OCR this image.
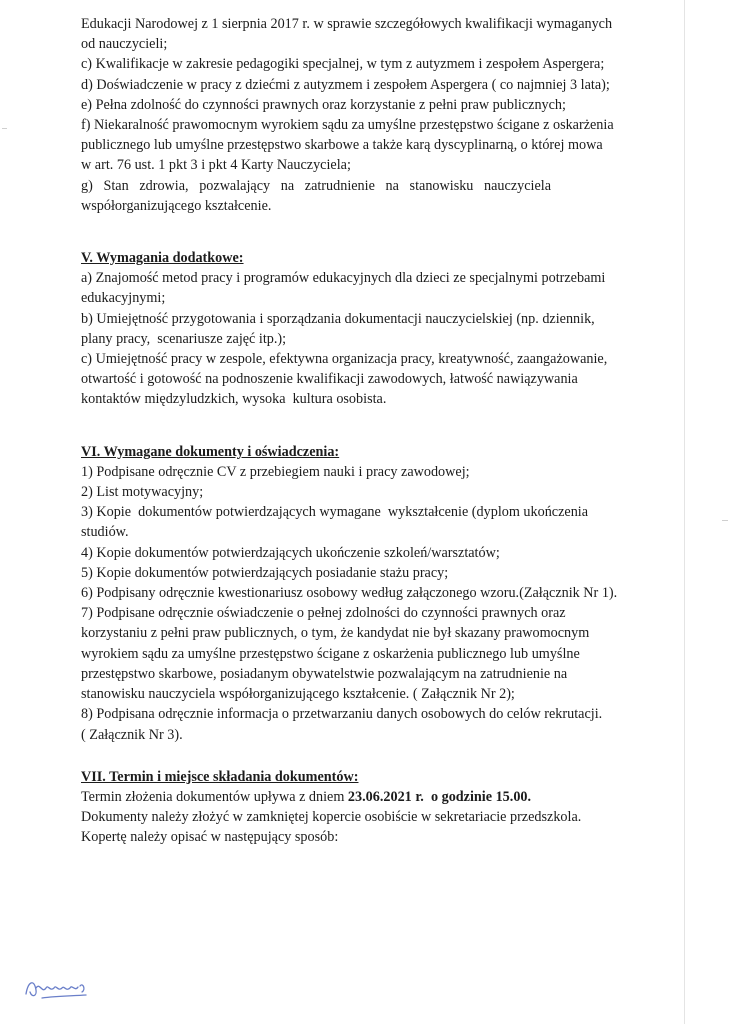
Edukacji Narodowej z 1 sierpnia 2017 r. w sprawie szczegółowych kwalifikacji wymaganych
od nauczycieli;
c) Kwalifikacje w zakresie pedagogiki specjalnej, w tym z autyzmem i zespołem Aspergera;
d) Doświadczenie w pracy z dziećmi z autyzmem i zespołem Aspergera ( co najmniej 3 lata);
e) Pełna zdolność do czynności prawnych oraz korzystanie z pełni praw publicznych;
f) Niekaralność prawomocnym wyrokiem sądu za umyślne przestępstwo ścigane z oskarżenia
publicznego lub umyślne przestępstwo skarbowe a także karą dyscyplinarną, o której mowa
w art. 76 ust. 1 pkt 3 i pkt 4 Karty Nauczyciela;
g)   Stan   zdrowia,   pozwalający   na   zatrudnienie   na   stanowisku   nauczyciela
współorganizującego kształcenie.
V. Wymagania dodatkowe:
a) Znajomość metod pracy i programów edukacyjnych dla dzieci ze specjalnymi potrzebami
edukacyjnymi;
b) Umiejętność przygotowania i sporządzania dokumentacji nauczycielskiej (np. dziennik,
plany pracy,  scenariusze zajęć itp.);
c) Umiejętność pracy w zespole, efektywna organizacja pracy, kreatywność, zaangażowanie,
otwartość i gotowość na podnoszenie kwalifikacji zawodowych, łatwość nawiązywania
kontaktów międzyludzkich, wysoka  kultura osobista.
VI. Wymagane dokumenty i oświadczenia:
1) Podpisane odręcznie CV z przebiegiem nauki i pracy zawodowej;
2) List motywacyjny;
3) Kopie  dokumentów potwierdzających wymagane  wykształcenie (dyplom ukończenia
studiów.
4) Kopie dokumentów potwierdzających ukończenie szkoleń/warsztatów;
5) Kopie dokumentów potwierdzających posiadanie stażu pracy;
6) Podpisany odręcznie kwestionariusz osobowy według załączonego wzoru.(Załącznik Nr 1).
7) Podpisane odręcznie oświadczenie o pełnej zdolności do czynności prawnych oraz
korzystaniu z pełni praw publicznych, o tym, że kandydat nie był skazany prawomocnym
wyrokiem sądu za umyślne przestępstwo ścigane z oskarżenia publicznego lub umyślne
przestępstwo skarbowe, posiadanym obywatelstwie pozwalającym na zatrudnienie na
stanowisku nauczyciela współorganizującego kształcenie. ( Załącznik Nr 2);
8) Podpisana odręcznie informacja o przetwarzaniu danych osobowych do celów rekrutacji.
( Załącznik Nr 3).
VII. Termin i miejsce składania dokumentów:
Termin złożenia dokumentów upływa z dniem 23.06.2021 r. o godzinie 15.00.
Dokumenty należy złożyć w zamkniętej kopercie osobiście w sekretariacie przedszkola.
Kopertę należy opisać w następujący sposób:
